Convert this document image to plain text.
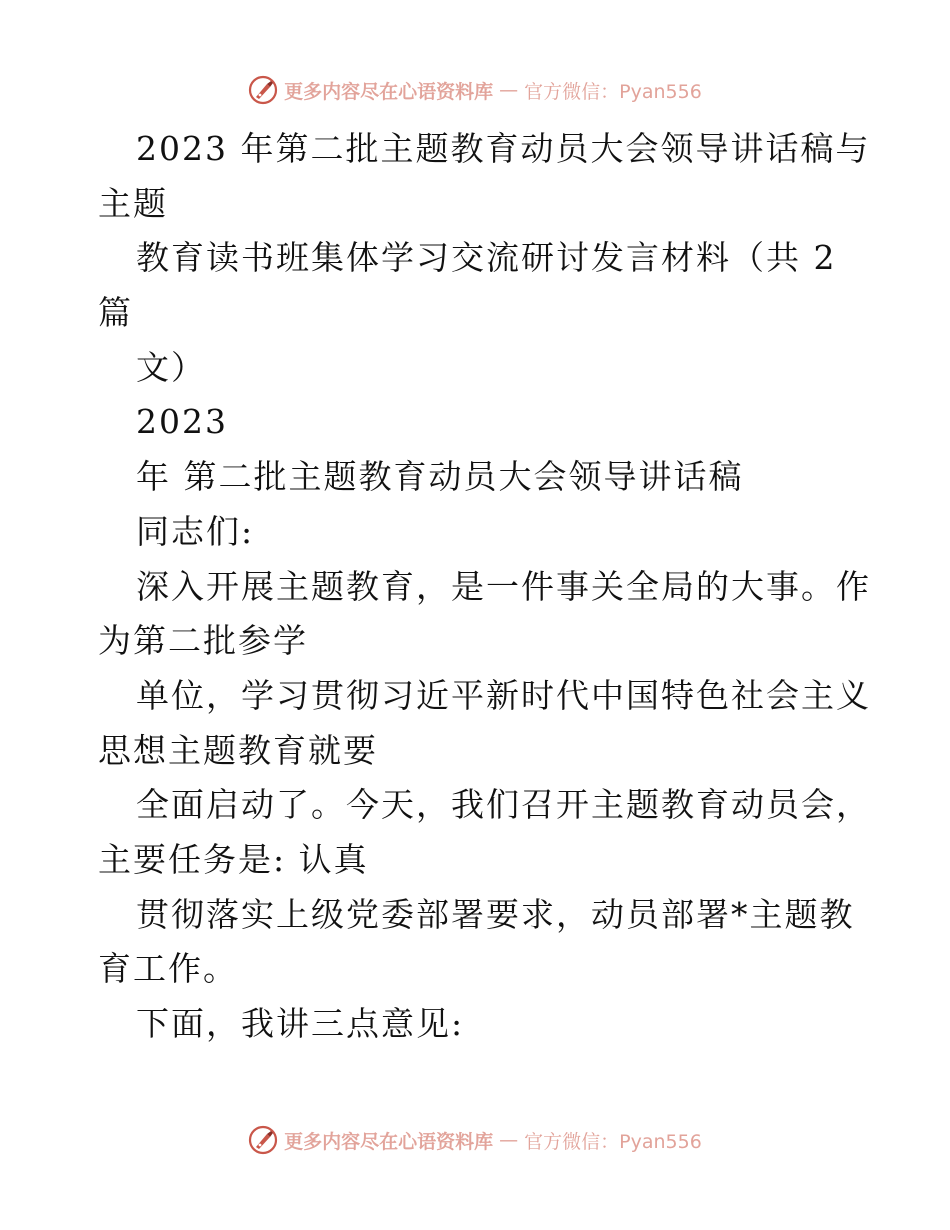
更多内容尽在心语资料库 — 官方微信：Pyan556
2023 年第二批主题教育动员大会领导讲话稿与
主题
教育读书班集体学习交流研讨发言材料（共 2
篇
文）
2023
年 第二批主题教育动员大会领导讲话稿
同志们:
深入开展主题教育，是一件事关全局的大事。作
为第二批参学
单位，学习贯彻习近平新时代中国特色社会主义
思想主题教育就要
全面启动了。今天，我们召开主题教育动员会，
主要任务是: 认真
贯彻落实上级党委部署要求，动员部署*主题教
育工作。
下面，我讲三点意见:
更多内容尽在心语资料库 — 官方微信：Pyan556
